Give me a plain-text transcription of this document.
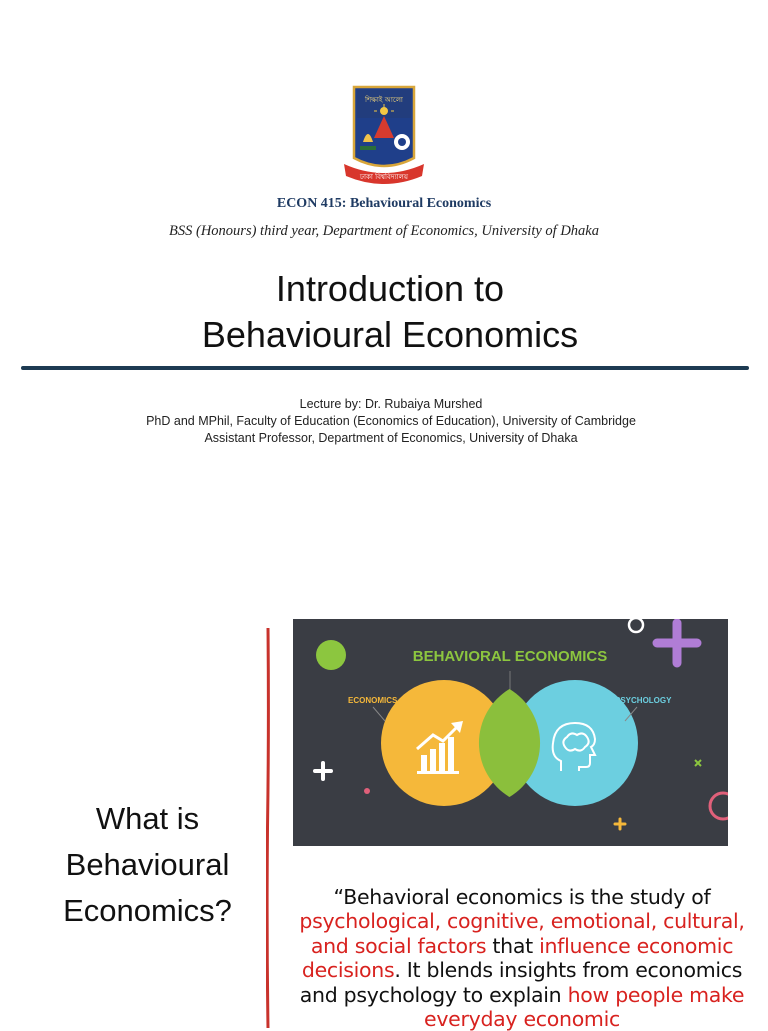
শিক্ষাই আলো
ঢাকা বিশ্ববিদ্যালয়
ECON 415: Behavioural Economics
BSS (Honours) third year, Department of Economics, University of Dhaka
Introduction to
Behavioural Economics
Lecture by: Dr. Rubaiya Murshed
PhD and MPhil, Faculty of Education (Economics of Education), University of Cambridge
Assistant Professor, Department of Economics, University of Dhaka
What is
Behavioural
Economics?
BEHAVIORAL ECONOMICS
ECONOMICS	PSYCHOLOGY
“Behavioral economics is the study of
psychological, cognitive, emotional, cultural, and social factors that influence economic decisions. It blends insights from economics and psychology to explain how people make everyday economic
